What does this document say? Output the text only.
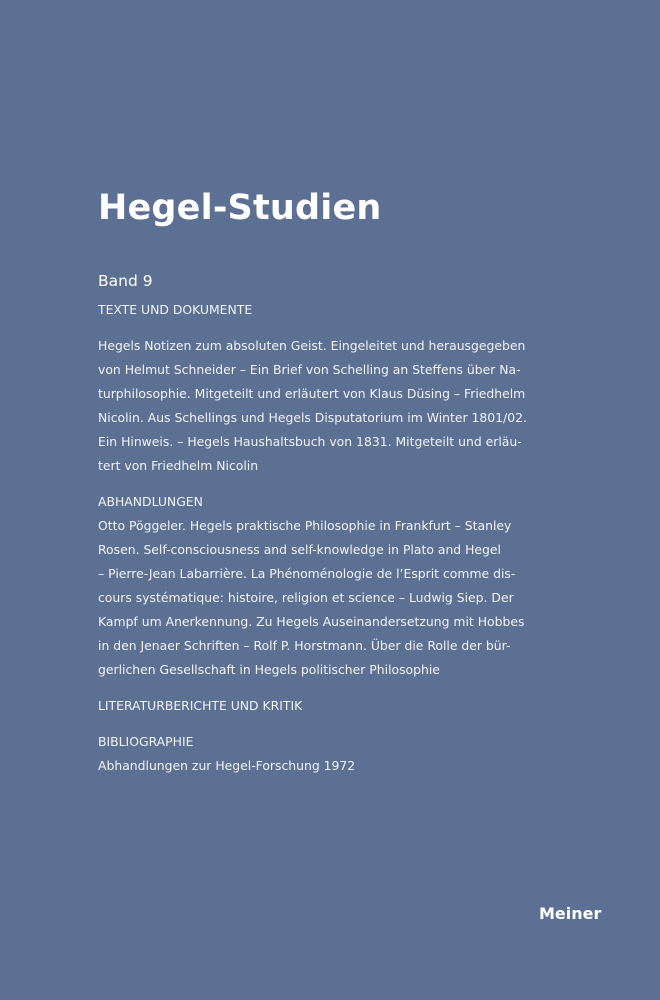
Hegel-Studien
Band 9
TEXTE UND DOKUMENTE
Hegels Notizen zum absoluten Geist. Eingeleitet und herausgegeben
von Helmut Schneider – Ein Brief von Schelling an Steffens über Na-
turphilosophie. Mitgeteilt und erläutert von Klaus Düsing – Friedhelm
Nicolin. Aus Schellings und Hegels Disputatorium im Winter 1801/02.
Ein Hinweis. – Hegels Haushaltsbuch von 1831. Mitgeteilt und erläu-
tert von Friedhelm Nicolin
ABHANDLUNGEN
Otto Pöggeler. Hegels praktische Philosophie in Frankfurt – Stanley
Rosen. Self-consciousness and self-knowledge in Plato and Hegel
– Pierre-Jean Labarrière. La Phénoménologie de l’Esprit comme dis-
cours systématique: histoire, religion et science – Ludwig Siep. Der
Kampf um Anerkennung. Zu Hegels Auseinandersetzung mit Hobbes
in den Jenaer Schriften – Rolf P. Horstmann. Über die Rolle der bür-
gerlichen Gesellschaft in Hegels politischer Philosophie
LITERATURBERICHTE UND KRITIK
BIBLIOGRAPHIE
Abhandlungen zur Hegel-Forschung 1972
Meiner
